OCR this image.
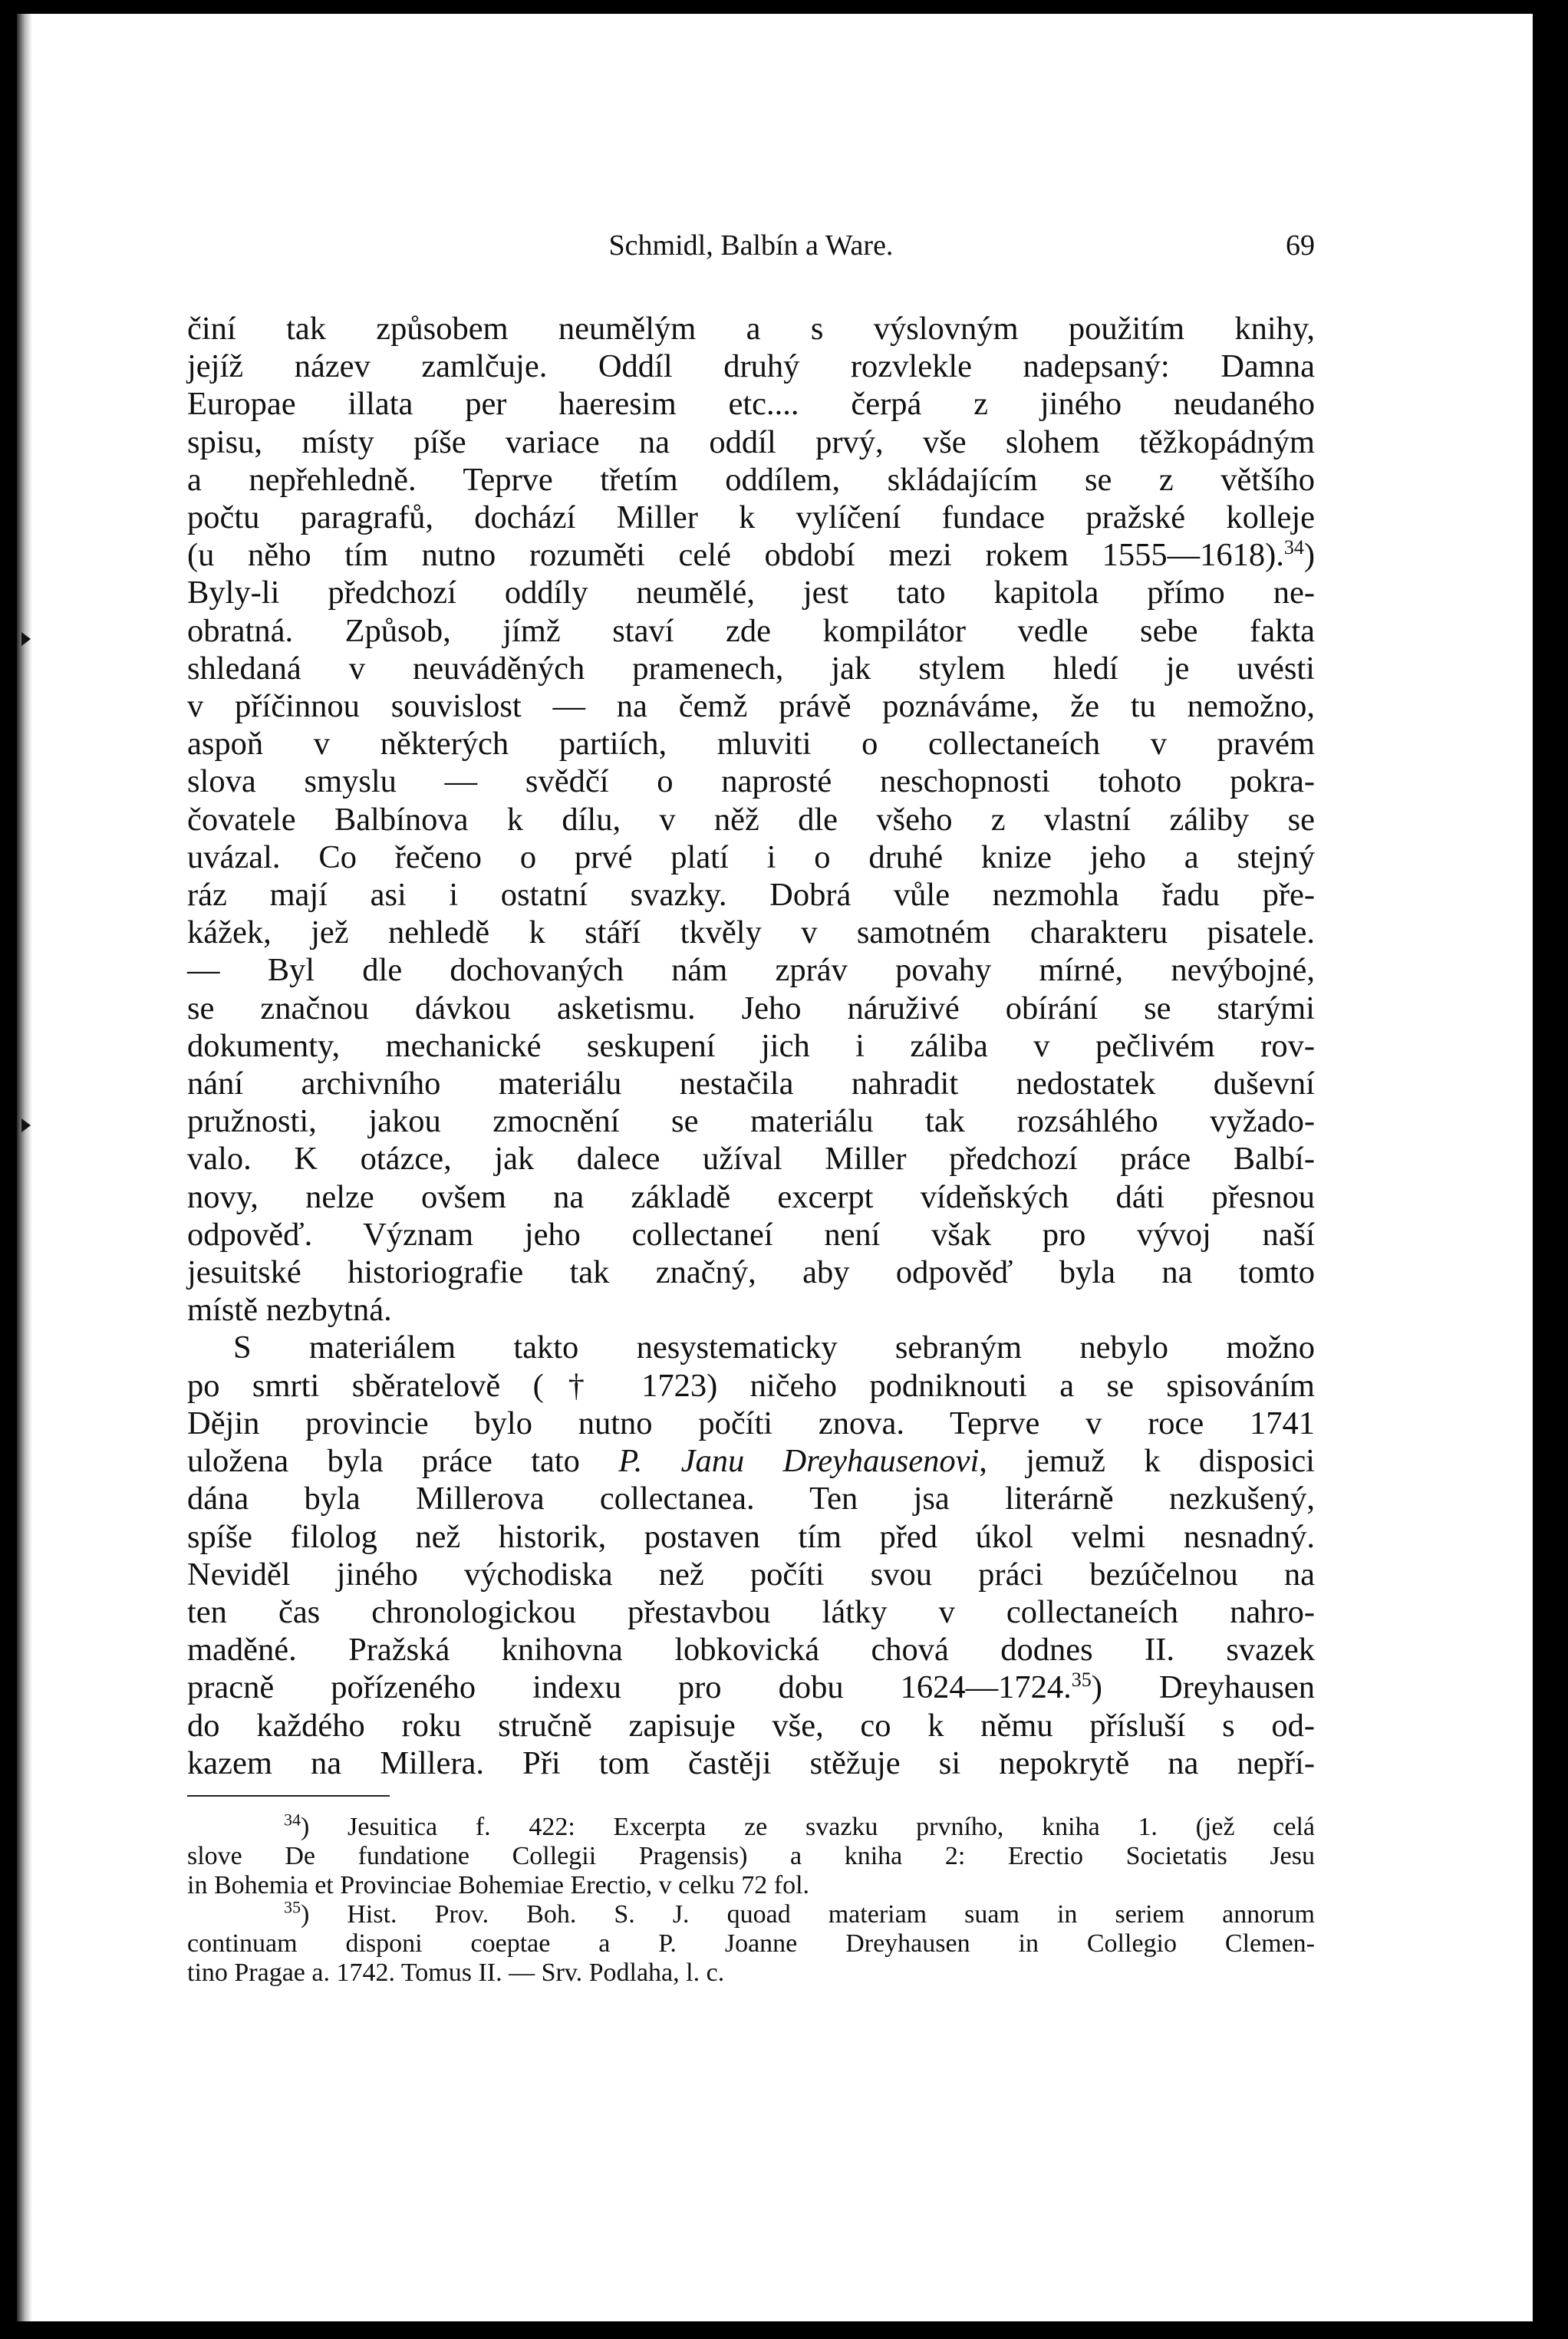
Schmidl, Balbín a Ware.	69
činí tak způsobem neumělým a s výslovným použitím knihy,
jejíž název zamlčuje. Oddíl druhý rozvlekle nadepsaný: Damna
Europae illata per haeresim etc.... čerpá z jiného neudaného
spisu, místy píše variace na oddíl prvý, vše slohem těžkopádným
a nepřehledně. Teprve třetím oddílem, skládajícím se z většího
počtu paragrafů, dochází Miller k vylíčení fundace pražské kolleje
(u něho tím nutno rozuměti celé období mezi rokem 1555—1618).$^{34}$)
Byly-li předchozí oddíly neumělé, jest tato kapitola přímo ne-
obratná. Způsob, jímž staví zde kompilátor vedle sebe fakta
shledaná v neuváděných pramenech, jak stylem hledí je uvésti
v příčinnou souvislost — na čemž právě poznáváme, že tu nemožno,
aspoň v některých partiích, mluviti o collectaneích v pravém
slova smyslu — svědčí o naprosté neschopnosti tohoto pokra-
čovatele Balbínova k dílu, v něž dle všeho z vlastní záliby se
uvázal. Co řečeno o prvé platí i o druhé knize jeho a stejný
ráz mají asi i ostatní svazky. Dobrá vůle nezmohla řadu pře-
kážek, jež nehledě k stáří tkvěly v samotném charakteru pisatele.
— Byl dle dochovaných nám zpráv povahy mírné, nevýbojné,
se značnou dávkou asketismu. Jeho náruživé obírání se starými
dokumenty, mechanické seskupení jich i záliba v pečlivém rov-
nání archivního materiálu nestačila nahradit nedostatek duševní
pružnosti, jakou zmocnění se materiálu tak rozsáhlého vyžado-
valo. K otázce, jak dalece užíval Miller předchozí práce Balbí-
novy, nelze ovšem na základě excerpt vídeňských dáti přesnou
odpověď. Význam jeho collectaneí není však pro vývoj naší
jesuitské historiografie tak značný, aby odpověď byla na tomto
místě nezbytná.
S materiálem takto nesystematicky sebraným nebylo možno
po smrti sběratelově († 1723) ničeho podniknouti a se spisováním
Dějin provincie bylo nutno počíti znova. Teprve v roce 1741
uložena byla práce tato P. Janu Dreyhausenovi, jemuž k disposici
dána byla Millerova collectanea. Ten jsa literárně nezkušený,
spíše filolog než historik, postaven tím před úkol velmi nesnadný.
Neviděl jiného východiska než počíti svou práci bezúčelnou na
ten čas chronologickou přestavbou látky v collectaneích nahro-
maděné. Pražská knihovna lobkovická chová dodnes II. svazek
pracně pořízeného indexu pro dobu 1624—1724.35) Dreyhausen
do každého roku stručně zapisuje vše, co k němu přísluší s od-
kazem na Millera. Při tom častěji stěžuje si nepokrytě na nepří-
$^{34}$) Jesuitica f. 422: Excerpta ze svazku prvního, kniha 1. (jež celá
slove De fundatione Collegii Pragensis) a kniha 2: Erectio Societatis Jesu
in Bohemia et Provinciae Bohemiae Erectio, v celku 72 fol.
$^{35}$) Hist. Prov. Boh. S. J. quoad materiam suam in seriem annorum
continuam disponi coeptae a P. Joanne Dreyhausen in Collegio Clemen-
tino Pragae a. 1742. Tomus II. — Srv. Podlaha, l. c.
